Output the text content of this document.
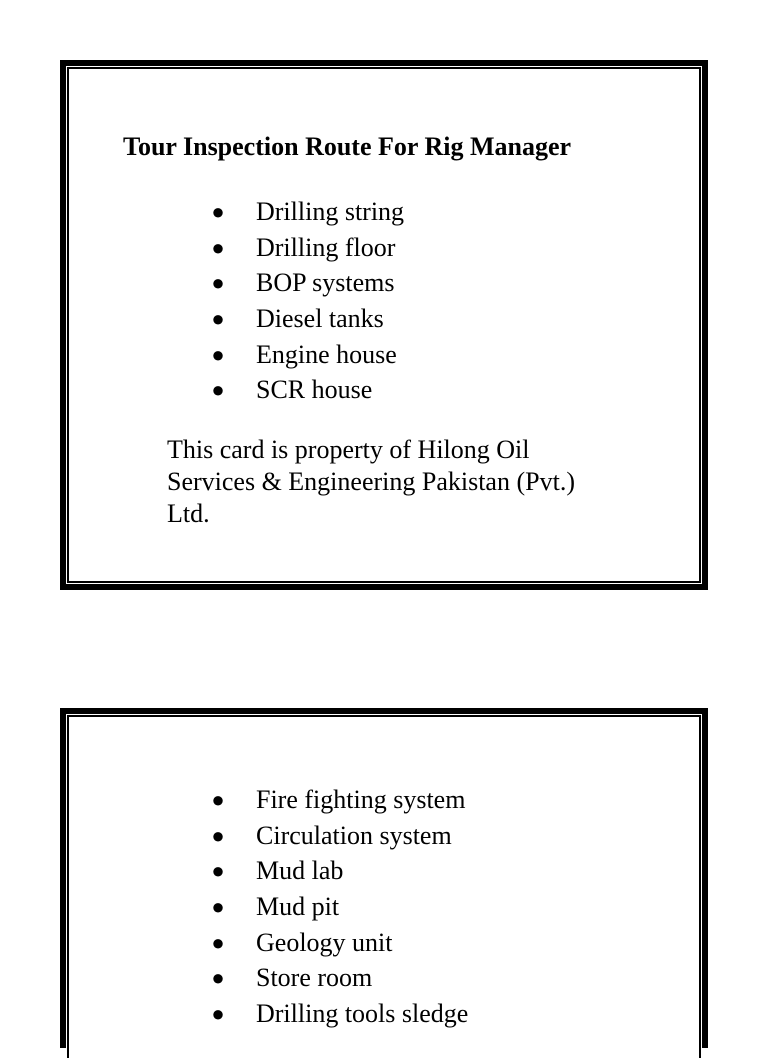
Tour Inspection Route For Rig Manager
● Drilling string
● Drilling floor
● BOP systems
● Diesel tanks
● Engine house
● SCR house

This card is property of Hilong Oil Services & Engineering Pakistan (Pvt.) Ltd.

● Fire fighting system
● Circulation system
● Mud lab
● Mud pit
● Geology unit
● Store room
● Drilling tools sledge
